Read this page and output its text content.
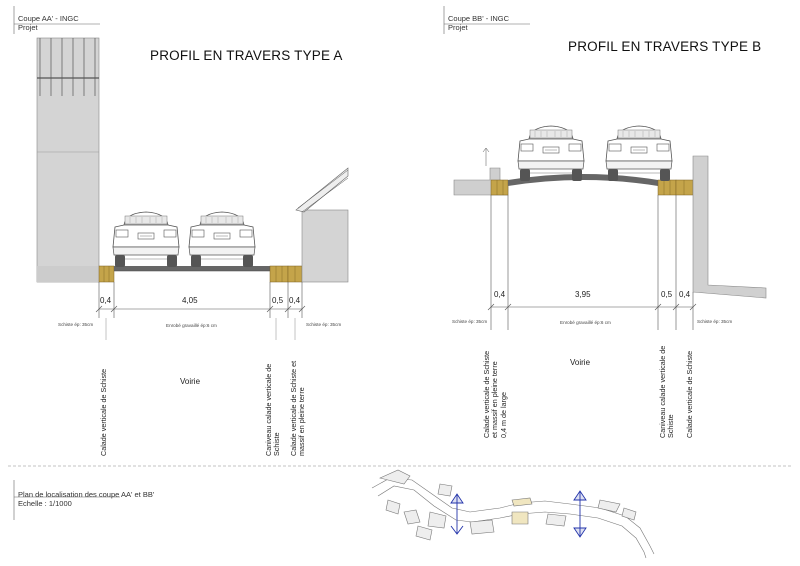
Coupe AA' - INGC
Projet
Coupe BB' - INGC
Projet
PROFIL EN TRAVERS TYPE A
PROFIL EN TRAVERS TYPE B
0,4	4,05	0,5 0,4
Schiste ép: 35cm	Enrobé gravaillé ép:6 cm	Schiste ép: 35cm
Calade verticale de Schiste	Caniveau calade verticale de
Schiste Calade verticale de Schiste et
massif en pleine terre
Voirie
0,4	3,95	0,5 0,4
Schiste ép: 35cm	Enrobé gravaillé ép:6 cm	Schiste ép: 35cm
Calade verticale de Schiste
et massif en pleine terre
0,4 m de large
Caniveau calade verticale de
Schiste Calade verticale de Schiste
Voirie
Plan de localisation des coupe AA' et BB'
Echelle : 1/1000
